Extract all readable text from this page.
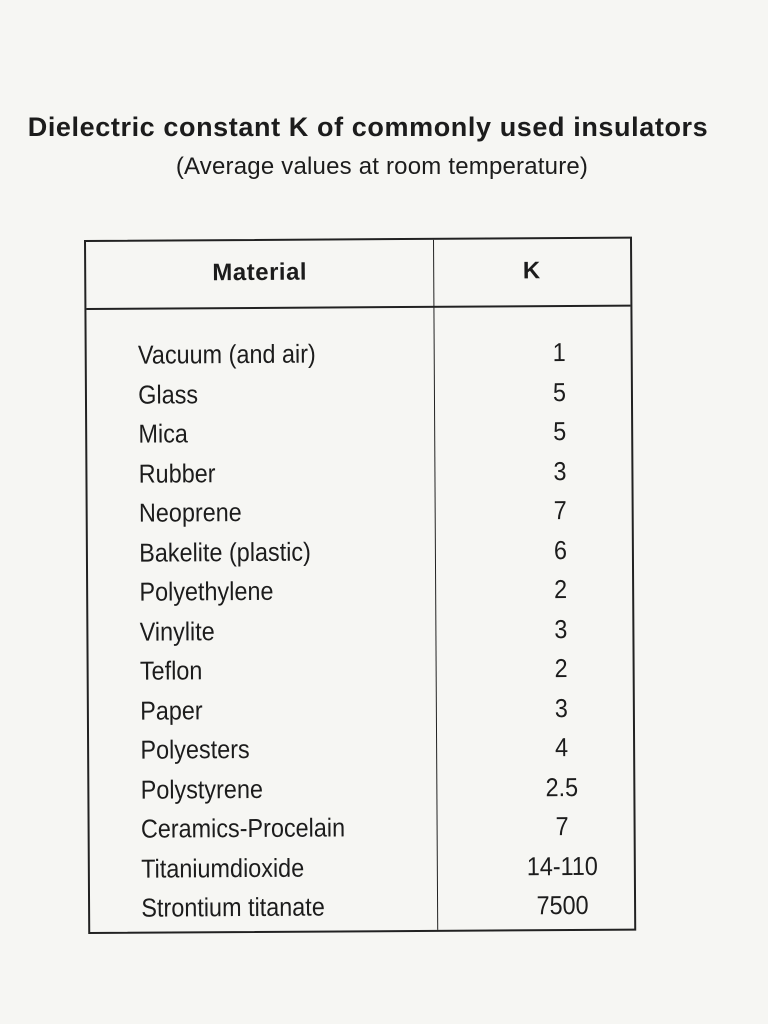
Dielectric constant K of commonly used insulators
(Average values at room temperature)
Material	K
Vacuum (and air)	1
Glass	5
Mica	5
Rubber	3
Neoprene	7
Bakelite (plastic)	6
Polyethylene	2
Vinylite	3
Teflon	2
Paper	3
Polyesters	4
Polystyrene	2.5
Ceramics-Procelain	7
Titaniumdioxide	14-110
Strontium titanate	7500
